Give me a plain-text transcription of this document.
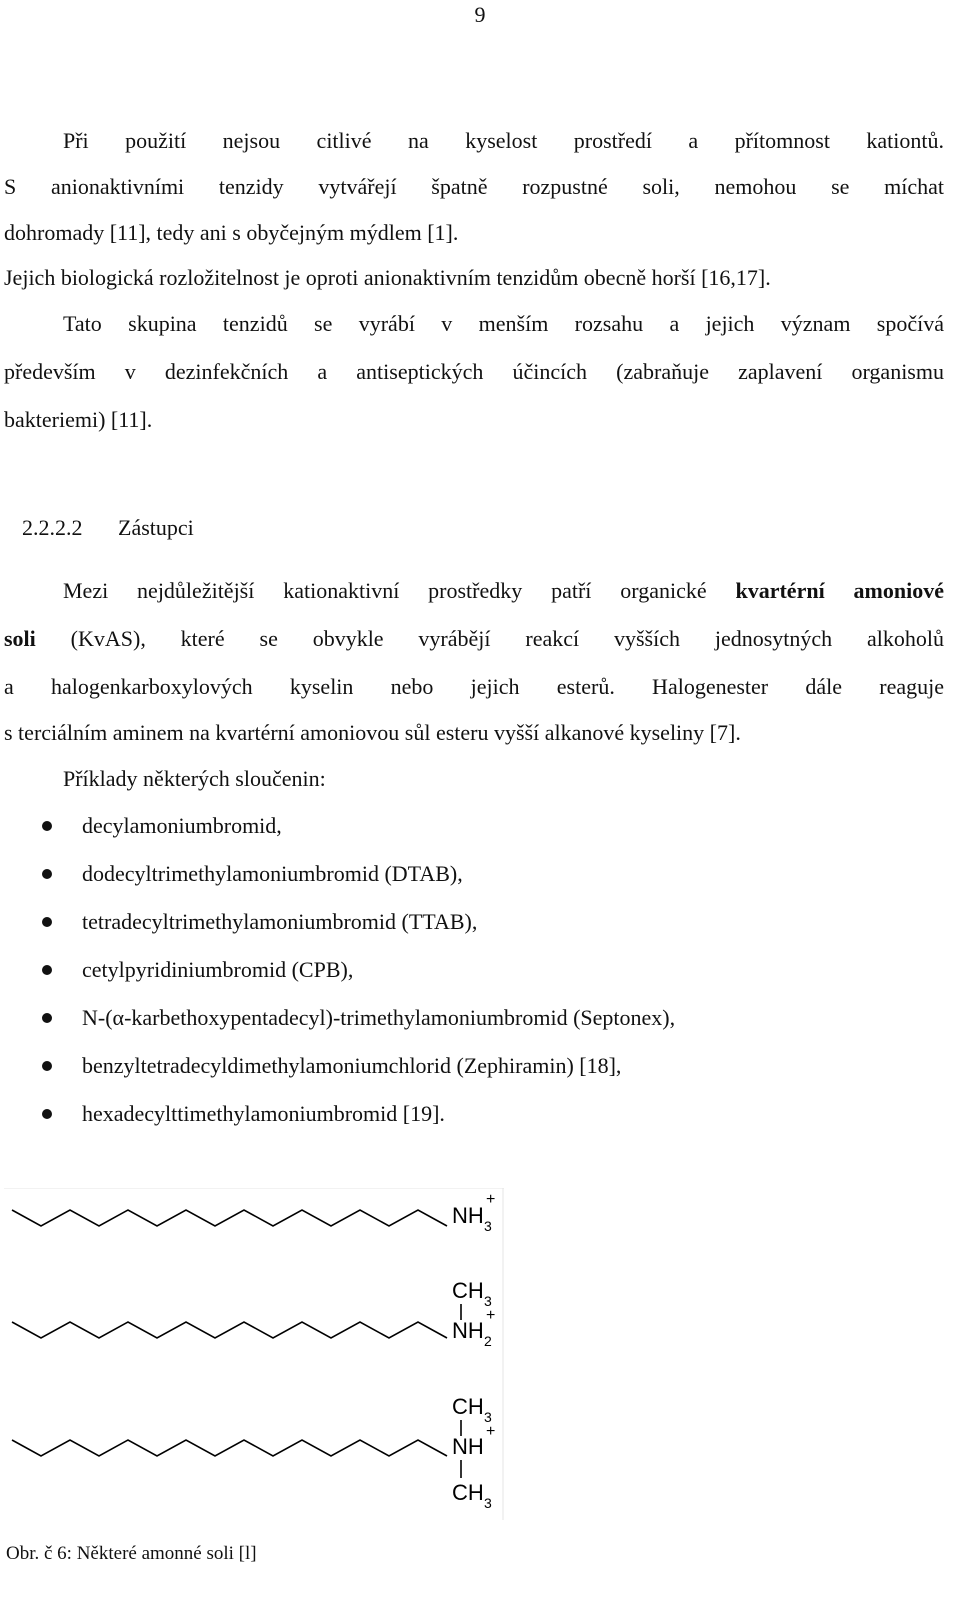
9
Při použití nejsou citlivé na kyselost prostředí a přítomnost kationtů.
S anionaktivními tenzidy vytvářejí špatně rozpustné soli, nemohou se míchat
dohromady [11], tedy ani s obyčejným mýdlem [1].
Jejich biologická rozložitelnost je oproti anionaktivním tenzidům obecně horší [16,17].
Tato skupina tenzidů se vyrábí v menším rozsahu a jejich význam spočívá
především v dezinfekčních a antiseptických účincích (zabraňuje zaplavení organismu
bakteriemi) [11].
2.2.2.2 Zástupci
Mezi nejdůležitější kationaktivní prostředky patří organické kvartérní amoniové
soli (KvAS), které se obvykle vyrábějí reakcí vyšších jednosytných alkoholů
a halogenkarboxylových kyselin nebo jejich esterů. Halogenester dále reaguje
s terciálním aminem na kvartérní amoniovou sůl esteru vyšší alkanové kyseliny [7].
Příklady některých sloučenin:
decylamoniumbromid,
dodecyltrimethylamoniumbromid (DTAB),
tetradecyltrimethylamoniumbromid (TTAB),
cetylpyridiniumbromid (CPB),
N-(α-karbethoxypentadecyl)-trimethylamoniumbromid (Septonex),
benzyltetradecyldimethylamoniumchlorid (Zephiramin) [18],
hexadecylttimethylamoniumbromid [19].
NH 3
+
CH 3
+
NH 2
CH 3
+
NH
CH 3
Obr. č 6: Některé amonné soli [l]
